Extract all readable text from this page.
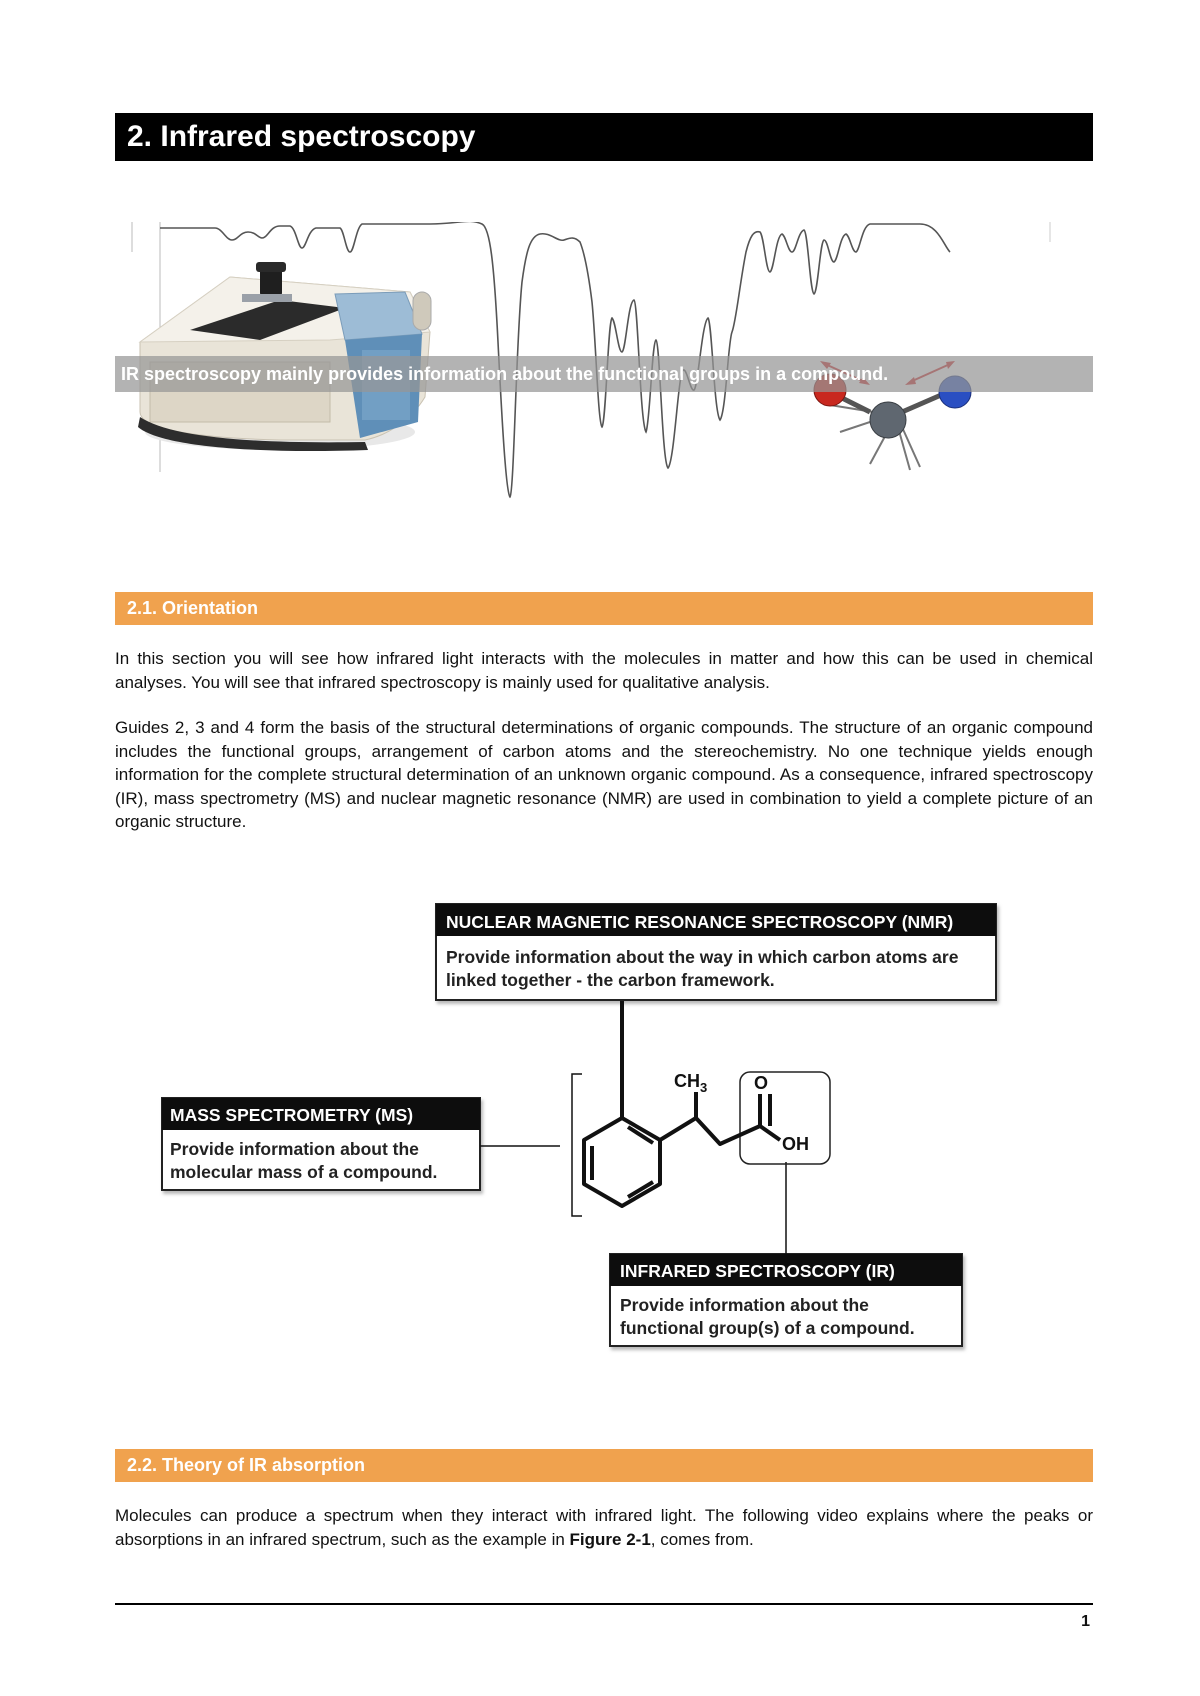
2. Infrared spectroscopy
IR spectroscopy mainly provides information about the functional groups in a compound.
2.1. Orientation

In this section you will see how infrared light interacts with the molecules in matter and how this can be used in chemical analyses. You will see that infrared spectroscopy is mainly used for qualitative analysis.

Guides 2, 3 and 4 form the basis of the structural determinations of organic compounds. The structure of an organic compound includes the functional groups, arrangement of carbon atoms and the stereochemistry. No one technique yields enough information for the complete structural determination of an unknown organic compound. As a consequence, infrared spectroscopy (IR), mass spectrometry (MS) and nuclear magnetic resonance (NMR) are used in combination to yield a complete picture of an organic structure.

NUCLEAR MAGNETIC RESONANCE SPECTROSCOPY (NMR)
Provide information about the way in which carbon atoms are
linked together - the carbon framework.
MASS SPECTROMETRY (MS)
Provide information about the
molecular mass of a compound.
INFRARED SPECTROSCOPY (IR)
Provide information about the
functional group(s) of a compound.
$CH_3$	O
OH
2.2. Theory of IR absorption

Molecules can produce a spectrum when they interact with infrared light. The following video explains where the peaks or absorptions in an infrared spectrum, such as the example in Figure 2-1, comes from.

1
